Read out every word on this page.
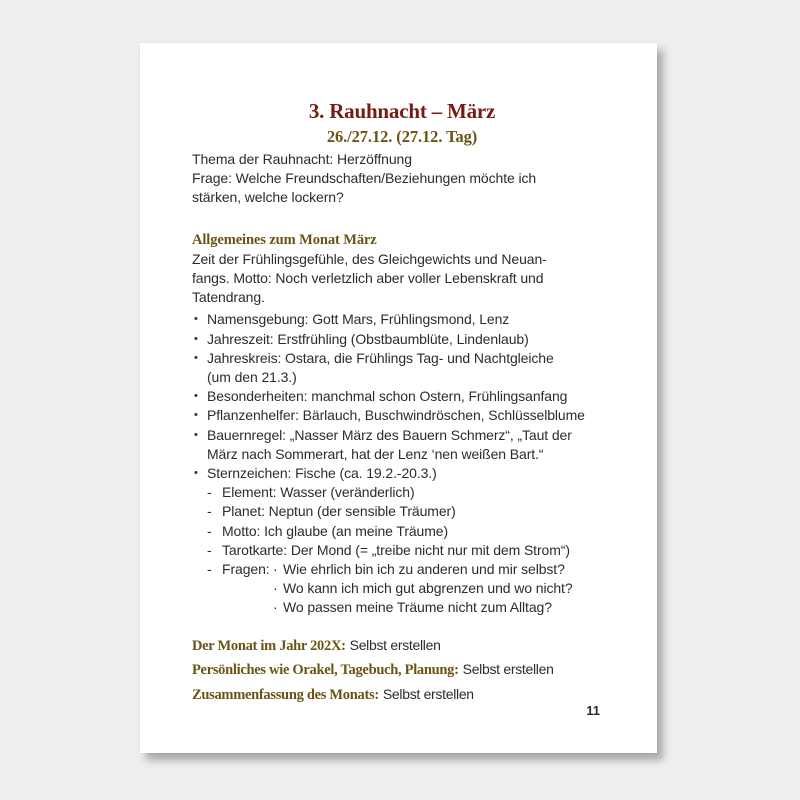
3. Rauhnacht – März
26./27.12. (27.12. Tag)
Thema der Rauhnacht: Herzöffnung
Frage: Welche Freundschaften/Beziehungen möchte ich
stärken, welche lockern?
Allgemeines zum Monat März
Zeit der Frühlingsgefühle, des Gleichgewichts und Neuan-
fangs. Motto: Noch verletzlich aber voller Lebenskraft und
Tatendrang.
• Namensgebung: Gott Mars, Frühlingsmond, Lenz
• Jahreszeit: Erstfrühling (Obstbaumblüte, Lindenlaub)
• Jahreskreis: Ostara, die Frühlings Tag- und Nachtgleiche
(um den 21.3.)
• Besonderheiten: manchmal schon Ostern, Frühlingsanfang
• Pflanzenhelfer: Bärlauch, Buschwindröschen, Schlüsselblume
• Bauernregel: „Nasser März des Bauern Schmerz“, „Taut der
März nach Sommerart, hat der Lenz ‘nen weißen Bart.“
• Sternzeichen: Fische (ca. 19.2.-20.3.)
- Element: Wasser (veränderlich)
- Planet: Neptun (der sensible Träumer)
- Motto: Ich glaube (an meine Träume)
- Tarotkarte: Der Mond (= „treibe nicht nur mit dem Strom“)
- Fragen: · Wie ehrlich bin ich zu anderen und mir selbst?
· Wo kann ich mich gut abgrenzen und wo nicht?
· Wo passen meine Träume nicht zum Alltag?
Der Monat im Jahr 202X: Selbst erstellen
Persönliches wie Orakel, Tagebuch, Planung: Selbst erstellen
Zusammenfassung des Monats: Selbst erstellen
11
